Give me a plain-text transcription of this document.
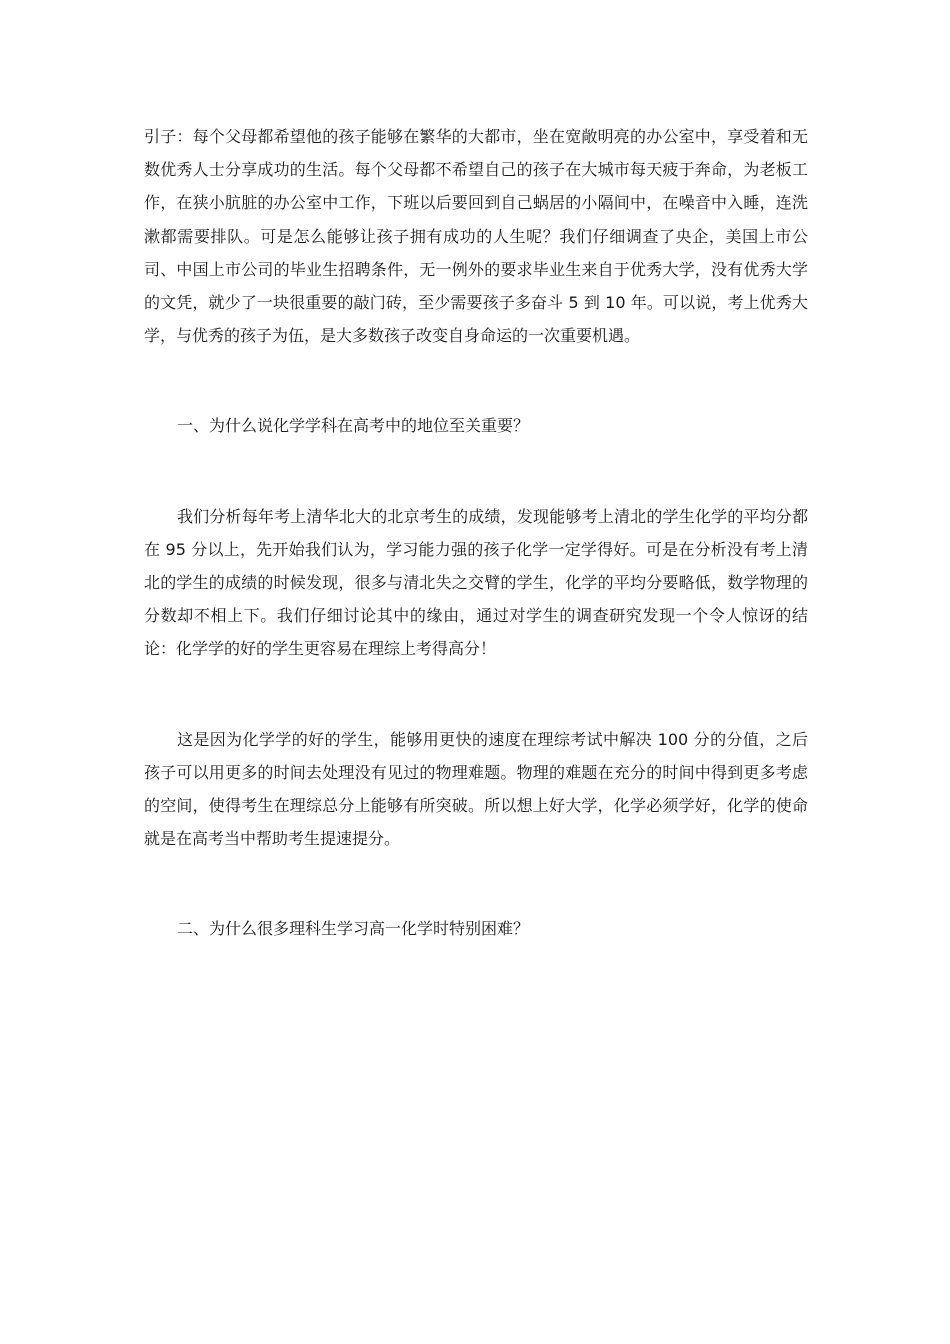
引子：每个父母都希望他的孩子能够在繁华的大都市，坐在宽敞明亮的办公室中，享受着和无数优秀人士分享成功的生活。每个父母都不希望自己的孩子在大城市每天疲于奔命，为老板工作，在狭小肮脏的办公室中工作，下班以后要回到自己蜗居的小隔间中，在噪音中入睡，连洗漱都需要排队。可是怎么能够让孩子拥有成功的人生呢？我们仔细调查了央企，美国上市公司、中国上市公司的毕业生招聘条件，无一例外的要求毕业生来自于优秀大学，没有优秀大学的文凭，就少了一块很重要的敲门砖，至少需要孩子多奋斗 5 到 10 年。可以说，考上优秀大学，与优秀的孩子为伍，是大多数孩子改变自身命运的一次重要机遇。

一、为什么说化学学科在高考中的地位至关重要？

我们分析每年考上清华北大的北京考生的成绩，发现能够考上清北的学生化学的平均分都在 95 分以上，先开始我们认为，学习能力强的孩子化学一定学得好。可是在分析没有考上清北的学生的成绩的时候发现，很多与清北失之交臂的学生，化学的平均分要略低，数学物理的分数却不相上下。我们仔细讨论其中的缘由，通过对学生的调查研究发现一个令人惊讶的结论：化学学的好的学生更容易在理综上考得高分！

这是因为化学学的好的学生，能够用更快的速度在理综考试中解决 100 分的分值，之后孩子可以用更多的时间去处理没有见过的物理难题。物理的难题在充分的时间中得到更多考虑的空间，使得考生在理综总分上能够有所突破。所以想上好大学，化学必须学好，化学的使命就是在高考当中帮助考生提速提分。

二、为什么很多理科生学习高一化学时特别困难？
